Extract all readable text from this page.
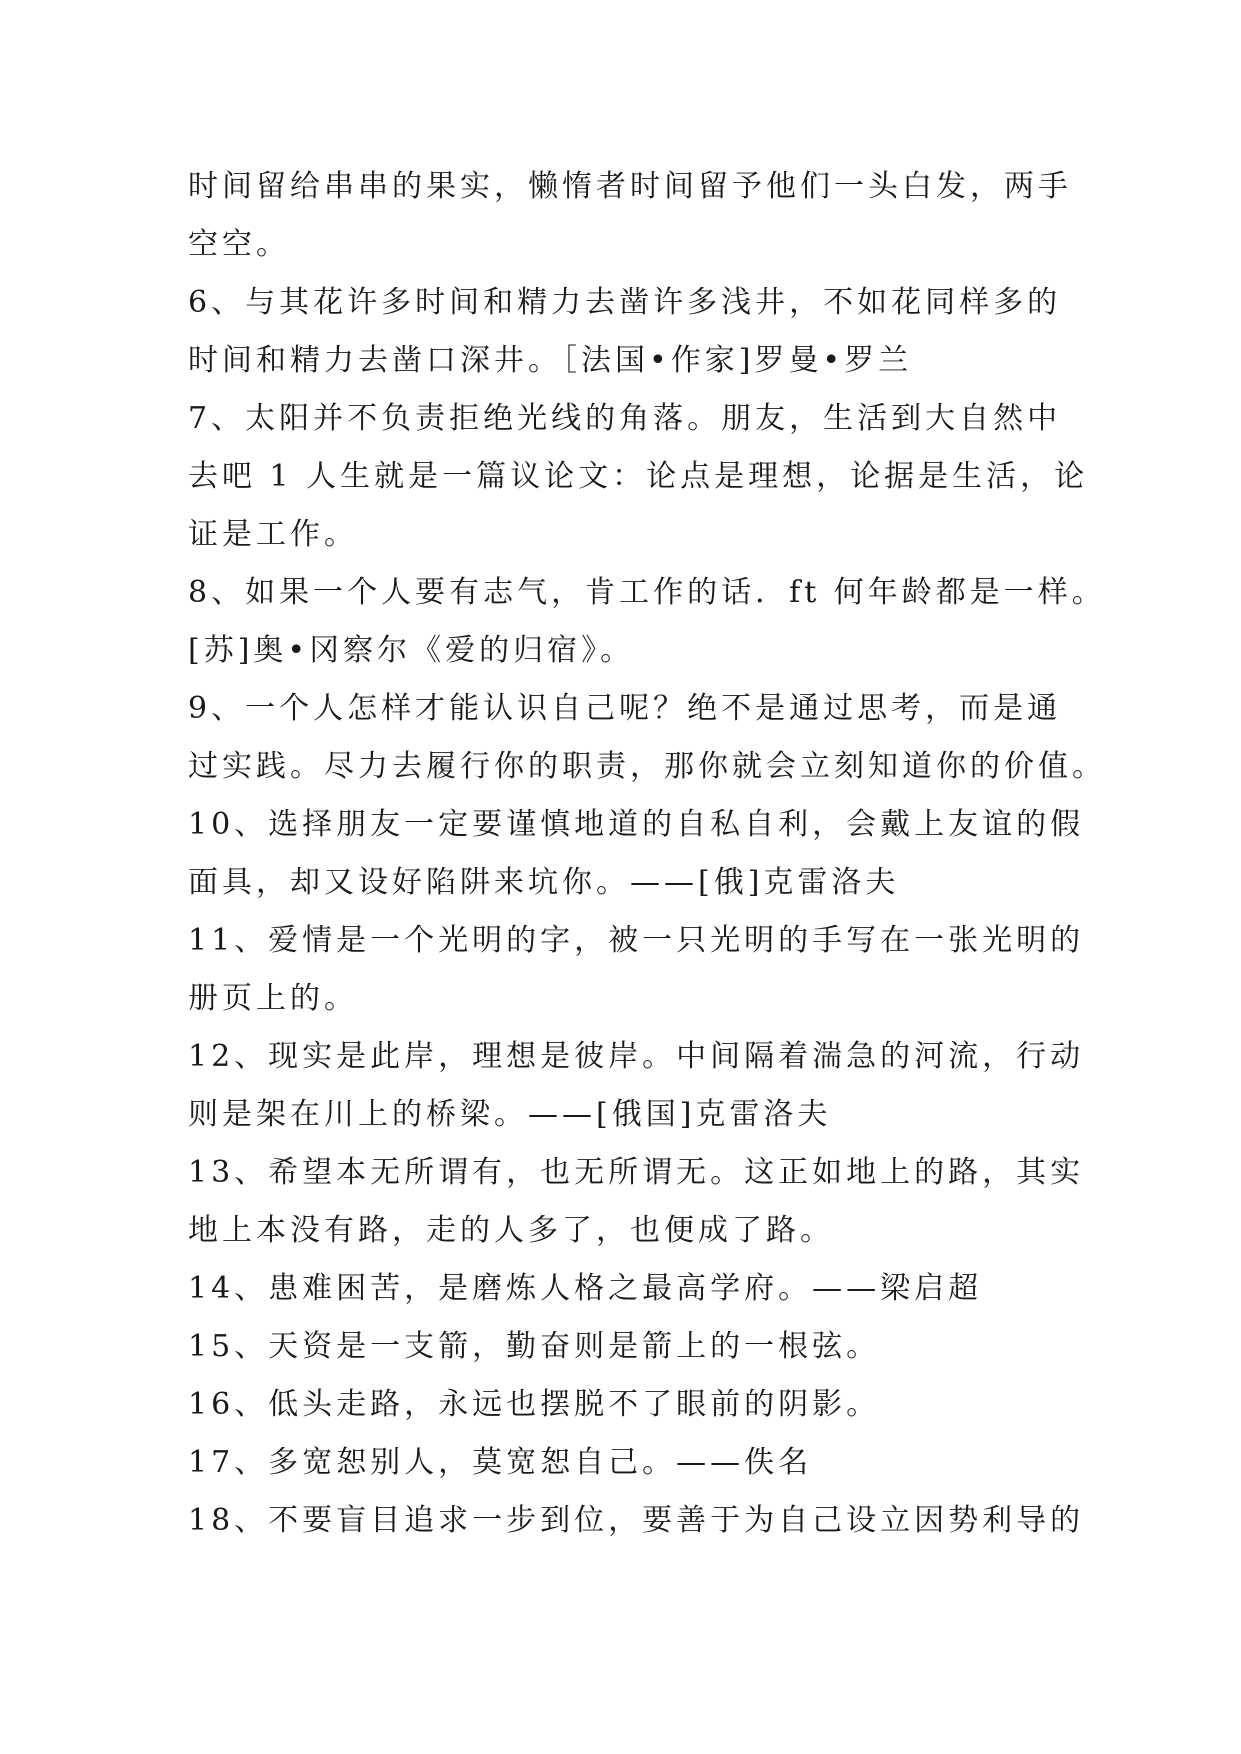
时间留给串串的果实，懒惰者时间留予他们一头白发，两手
空空。
6、与其花许多时间和精力去凿许多浅井，不如花同样多的
时间和精力去凿口深井。［法国•作家]罗曼•罗兰
7、太阳并不负责拒绝光线的角落。朋友，生活到大自然中
去吧 1 人生就是一篇议论文：论点是理想，论据是生活，论
证是工作。
8、如果一个人要有志气，肯工作的话．ft 何年龄都是一样。
[苏]奥•冈察尔《爱的归宿》。
9、一个人怎样才能认识自己呢？绝不是通过思考，而是通
过实践。尽力去履行你的职责，那你就会立刻知道你的价值。
10、选择朋友一定要谨慎地道的自私自利，会戴上友谊的假
面具，却又设好陷阱来坑你。——[俄]克雷洛夫
11、爱情是一个光明的字，被一只光明的手写在一张光明的
册页上的。
12、现实是此岸，理想是彼岸。中间隔着湍急的河流，行动
则是架在川上的桥梁。——[俄国]克雷洛夫
13、希望本无所谓有，也无所谓无。这正如地上的路，其实
地上本没有路，走的人多了，也便成了路。
14、患难困苦，是磨炼人格之最高学府。——梁启超
15、天资是一支箭，勤奋则是箭上的一根弦。
16、低头走路，永远也摆脱不了眼前的阴影。
17、多宽恕别人，莫宽恕自己。——佚名
18、不要盲目追求一步到位，要善于为自己设立因势利导的
